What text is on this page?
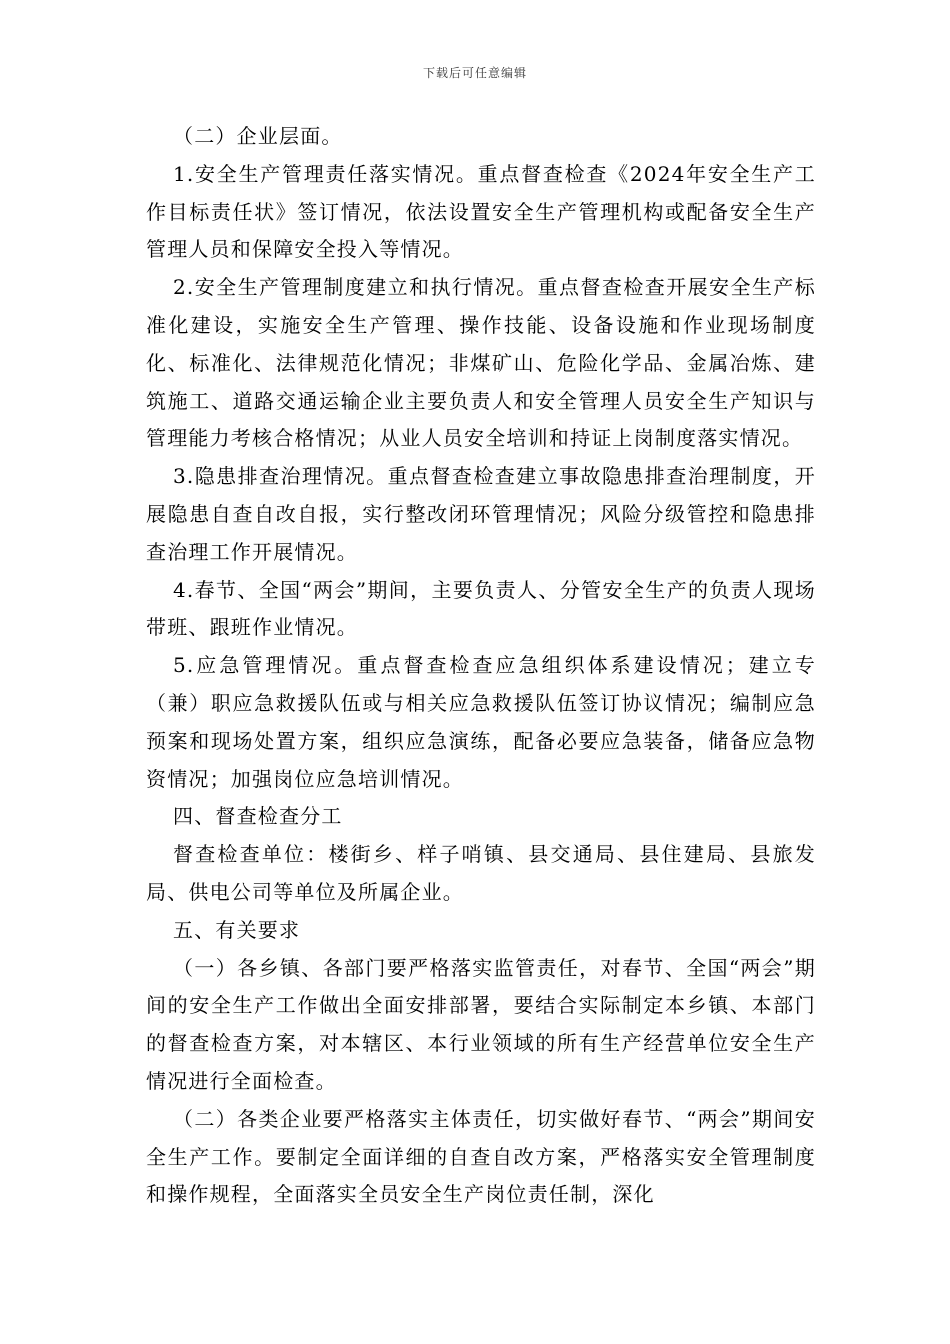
下载后可任意编辑

（二）企业层面。

1.安全生产管理责任落实情况。重点督查检查《2024年安全生产工作目标责任状》签订情况，依法设置安全生产管理机构或配备安全生产管理人员和保障安全投入等情况。

2.安全生产管理制度建立和执行情况。重点督查检查开展安全生产标准化建设，实施安全生产管理、操作技能、设备设施和作业现场制度化、标准化、法律规范化情况；非煤矿山、危险化学品、金属冶炼、建筑施工、道路交通运输企业主要负责人和安全管理人员安全生产知识与管理能力考核合格情况；从业人员安全培训和持证上岗制度落实情况。

3.隐患排查治理情况。重点督查检查建立事故隐患排查治理制度，开展隐患自查自改自报，实行整改闭环管理情况；风险分级管控和隐患排查治理工作开展情况。

4.春节、全国“两会”期间，主要负责人、分管安全生产的负责人现场带班、跟班作业情况。

5.应急管理情况。重点督查检查应急组织体系建设情况；建立专（兼）职应急救援队伍或与相关应急救援队伍签订协议情况；编制应急预案和现场处置方案，组织应急演练，配备必要应急装备，储备应急物资情况；加强岗位应急培训情况。

四、督查检查分工

督查检查单位：楼街乡、样子哨镇、县交通局、县住建局、县旅发局、供电公司等单位及所属企业。

五、有关要求

（一）各乡镇、各部门要严格落实监管责任，对春节、全国“两会”期间的安全生产工作做出全面安排部署，要结合实际制定本乡镇、本部门的督查检查方案，对本辖区、本行业领域的所有生产经营单位安全生产情况进行全面检查。

（二）各类企业要严格落实主体责任，切实做好春节、“两会”期间安全生产工作。要制定全面详细的自查自改方案，严格落实安全管理制度和操作规程，全面落实全员安全生产岗位责任制，深化
